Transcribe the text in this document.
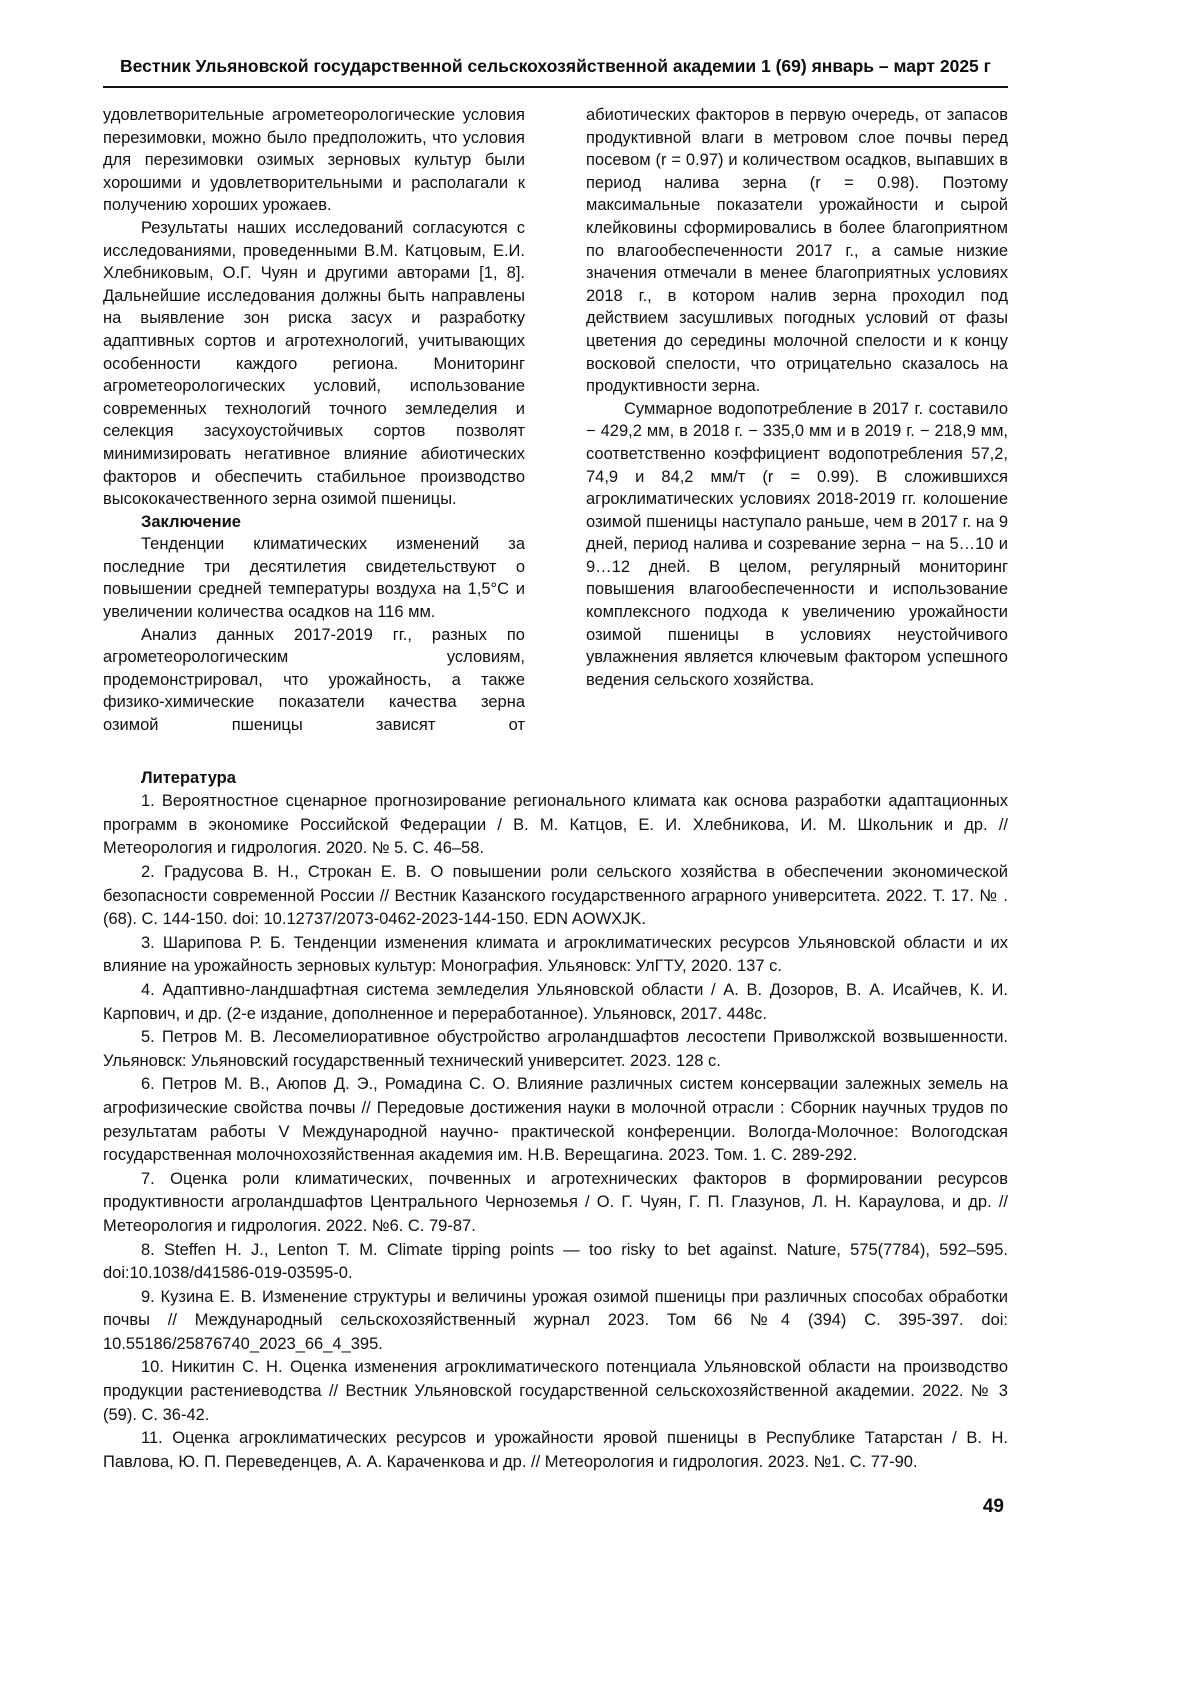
Вестник Ульяновской государственной сельскохозяйственной академии 1 (69) январь – март 2025 г

удовлетворительные агрометеорологические условия перезимовки, можно было предположить, что условия для перезимовки озимых зерновых культур были хорошими и удовлетворительными и располагали к получению хороших урожаев.

Результаты наших исследований согласуются с исследованиями, проведенными В.М. Катцовым, Е.И. Хлебниковым, О.Г. Чуян и другими авторами [1, 8]. Дальнейшие исследования должны быть направлены на выявление зон риска засух и разработку адаптивных сортов и агротехнологий, учитывающих особенности каждого региона. Мониторинг агрометеорологических условий, использование современных технологий точного земледелия и селекция засухоустойчивых сортов позволят минимизировать негативное влияние абиотических факторов и обеспечить стабильное производство высококачественного зерна озимой пшеницы.

Заключение

Тенденции климатических изменений за последние три десятилетия свидетельствуют о повышении средней температуры воздуха на 1,5°С и увеличении количества осадков на 116 мм.

Анализ данных 2017-2019 гг., разных по агрометеорологическим условиям, продемонстрировал, что урожайность, а также физико-химические показатели качества зерна озимой пшеницы зависят от

абиотических факторов в первую очередь, от запасов продуктивной влаги в метровом слое почвы перед посевом (r = 0.97) и количеством осадков, выпавших в период налива зерна (r = 0.98). Поэтому максимальные показатели урожайности и сырой клейковины сформировались в более благоприятном по влагообеспеченности 2017 г., а самые низкие значения отмечали в менее благоприятных условиях 2018 г., в котором налив зерна проходил под действием засушливых погодных условий от фазы цветения до середины молочной спелости и к концу восковой спелости, что отрицательно сказалось на продуктивности зерна.

Суммарное водопотребление в 2017 г. составило − 429,2 мм, в 2018 г. − 335,0 мм и в 2019 г. − 218,9 мм, соответственно коэффициент водопотребления 57,2, 74,9 и 84,2 мм/т (r = 0.99). В сложившихся агроклиматических условиях 2018-2019 гг. колошение озимой пшеницы наступало раньше, чем в 2017 г. на 9 дней, период налива и созревание зерна − на 5…10 и 9…12 дней. В целом, регулярный мониторинг повышения влагообеспеченности и использование комплексного подхода к увеличению урожайности озимой пшеницы в условиях неустойчивого увлажнения является ключевым фактором успешного ведения сельского хозяйства.

Литература

1. Вероятностное сценарное прогнозирование регионального климата как основа разработки адаптационных программ в экономике Российской Федерации / В. М. Катцов, Е. И. Хлебникова, И. М. Школьник и др. // Метеорология и гидрология. 2020. № 5. С. 46–58.

2. Градусова В. Н., Строкан Е. В. О повышении роли сельского хозяйства в обеспечении экономической безопасности современной России // Вестник Казанского государственного аграрного университета. 2022. Т. 17. № . (68). С. 144-150. doi: 10.12737/2073-0462-2023-144-150. EDN AOWXJK.

3. Шарипова Р. Б. Тенденции изменения климата и агроклиматических ресурсов Ульяновской области и их влияние на урожайность зерновых культур: Монография. Ульяновск: УлГТУ, 2020. 137 с.

4. Адаптивно-ландшафтная система земледелия Ульяновской области / А. В. Дозоров, В. А. Исайчев, К. И. Карпович, и др. (2-е издание, дополненное и переработанное). Ульяновск, 2017. 448с.

5. Петров М. В. Лесомелиоративное обустройство агроландшафтов лесостепи Приволжской возвышенности. Ульяновск: Ульяновский государственный технический университет. 2023. 128 с.

6. Петров М. В., Аюпов Д. Э., Ромадина С. О. Влияние различных систем консервации залежных земель на агрофизические свойства почвы // Передовые достижения науки в молочной отрасли : Сборник научных трудов по результатам работы V Международной научно- практической конференции. Вологда-Молочное: Вологодская государственная молочнохозяйственная академия им. Н.В. Верещагина. 2023. Том. 1. С. 289-292.

7. Оценка роли климатических, почвенных и агротехнических факторов в формировании ресурсов продуктивности агроландшафтов Центрального Черноземья / О. Г. Чуян, Г. П. Глазунов, Л. Н. Караулова, и др. // Метеорология и гидрология. 2022. №6. С. 79-87.

8. Steffen H. J., Lenton T. M. Climate tipping points — too risky to bet against. Nature, 575(7784), 592–595. doi:10.1038/d41586-019-03595-0.

9. Кузина Е. В. Изменение структуры и величины урожая озимой пшеницы при различных способах обработки почвы // Международный сельскохозяйственный журнал 2023. Том 66 №4 (394) С. 395-397. doi: 10.55186/25876740_2023_66_4_395.

10. Никитин С. Н. Оценка изменения агроклиматического потенциала Ульяновской области на производство продукции растениеводства // Вестник Ульяновской государственной сельскохозяйственной академии. 2022. № 3 (59). С. 36-42.

11. Оценка агроклиматических ресурсов и урожайности яровой пшеницы в Республике Татарстан / В. Н. Павлова, Ю. П. Переведенцев, А. А. Караченкова и др. // Метеорология и гидрология. 2023. №1. С. 77-90.

49
